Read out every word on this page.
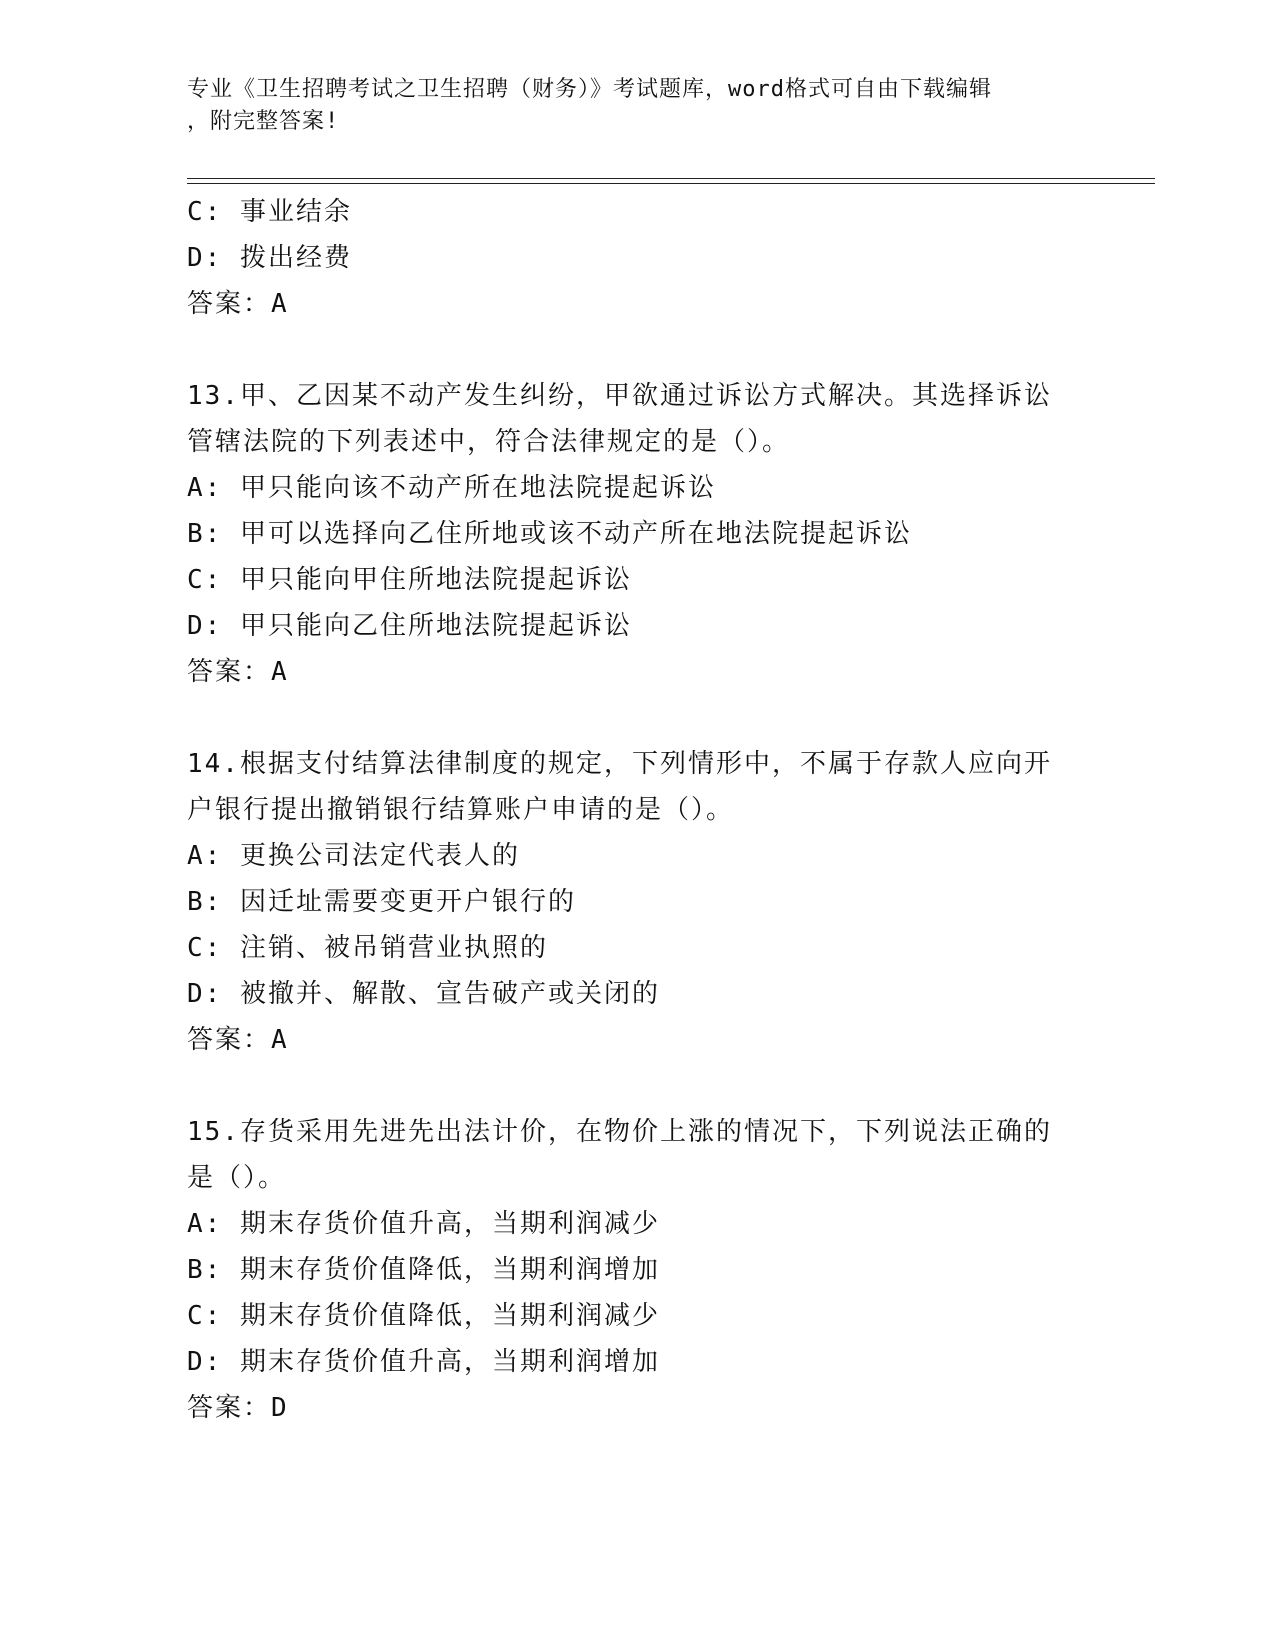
专业《卫生招聘考试之卫生招聘（财务）》考试题库，word格式可自由下载编辑
，附完整答案!
C: 事业结余
D: 拨出经费
答案：A
13.甲、乙因某不动产发生纠纷，甲欲通过诉讼方式解决。其选择诉讼
管辖法院的下列表述中，符合法律规定的是（）。
A: 甲只能向该不动产所在地法院提起诉讼
B: 甲可以选择向乙住所地或该不动产所在地法院提起诉讼
C: 甲只能向甲住所地法院提起诉讼
D: 甲只能向乙住所地法院提起诉讼
答案：A
14.根据支付结算法律制度的规定，下列情形中，不属于存款人应向开
户银行提出撤销银行结算账户申请的是（）。
A: 更换公司法定代表人的
B: 因迁址需要变更开户银行的
C: 注销、被吊销营业执照的
D: 被撤并、解散、宣告破产或关闭的
答案：A
15.存货采用先进先出法计价，在物价上涨的情况下，下列说法正确的
是（）。
A: 期末存货价值升高，当期利润减少
B: 期末存货价值降低，当期利润增加
C: 期末存货价值降低，当期利润减少
D: 期末存货价值升高，当期利润增加
答案：D
